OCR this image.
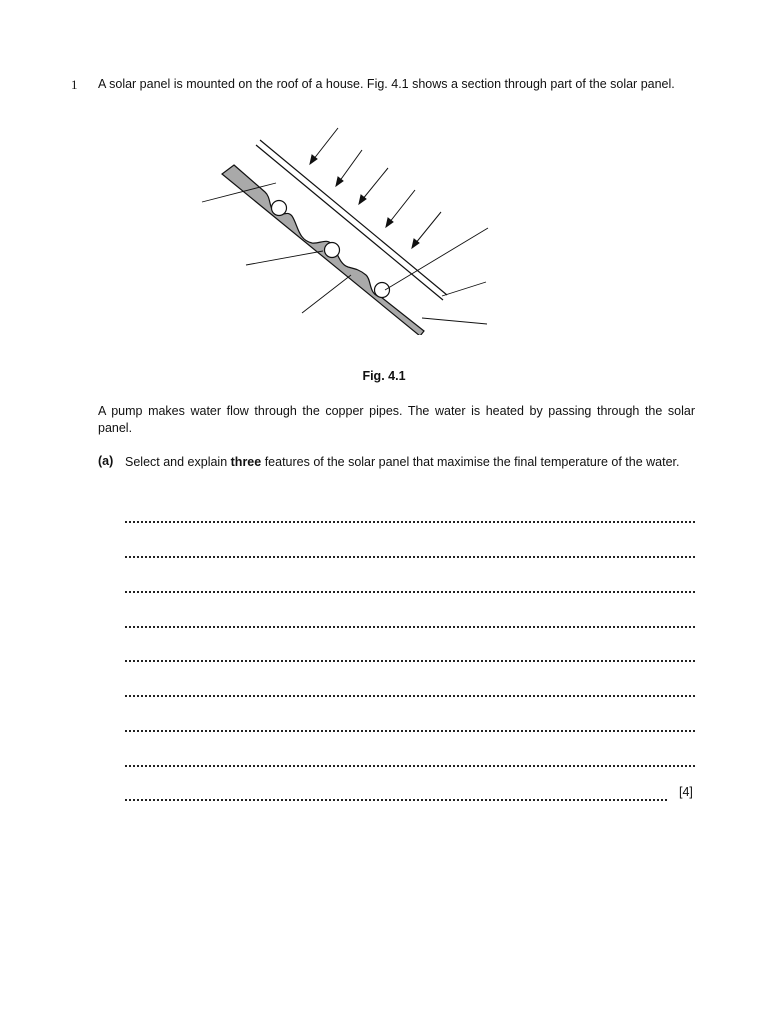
1 A solar panel is mounted on the roof of a house. Fig. 4.1 shows a section through part of the solar panel.

Fig. 4.1

A pump makes water flow through the copper pipes. The water is heated by passing through the solar panel.

(a) Select and explain three features of the solar panel that maximise the final temperature of the water.

[4]
